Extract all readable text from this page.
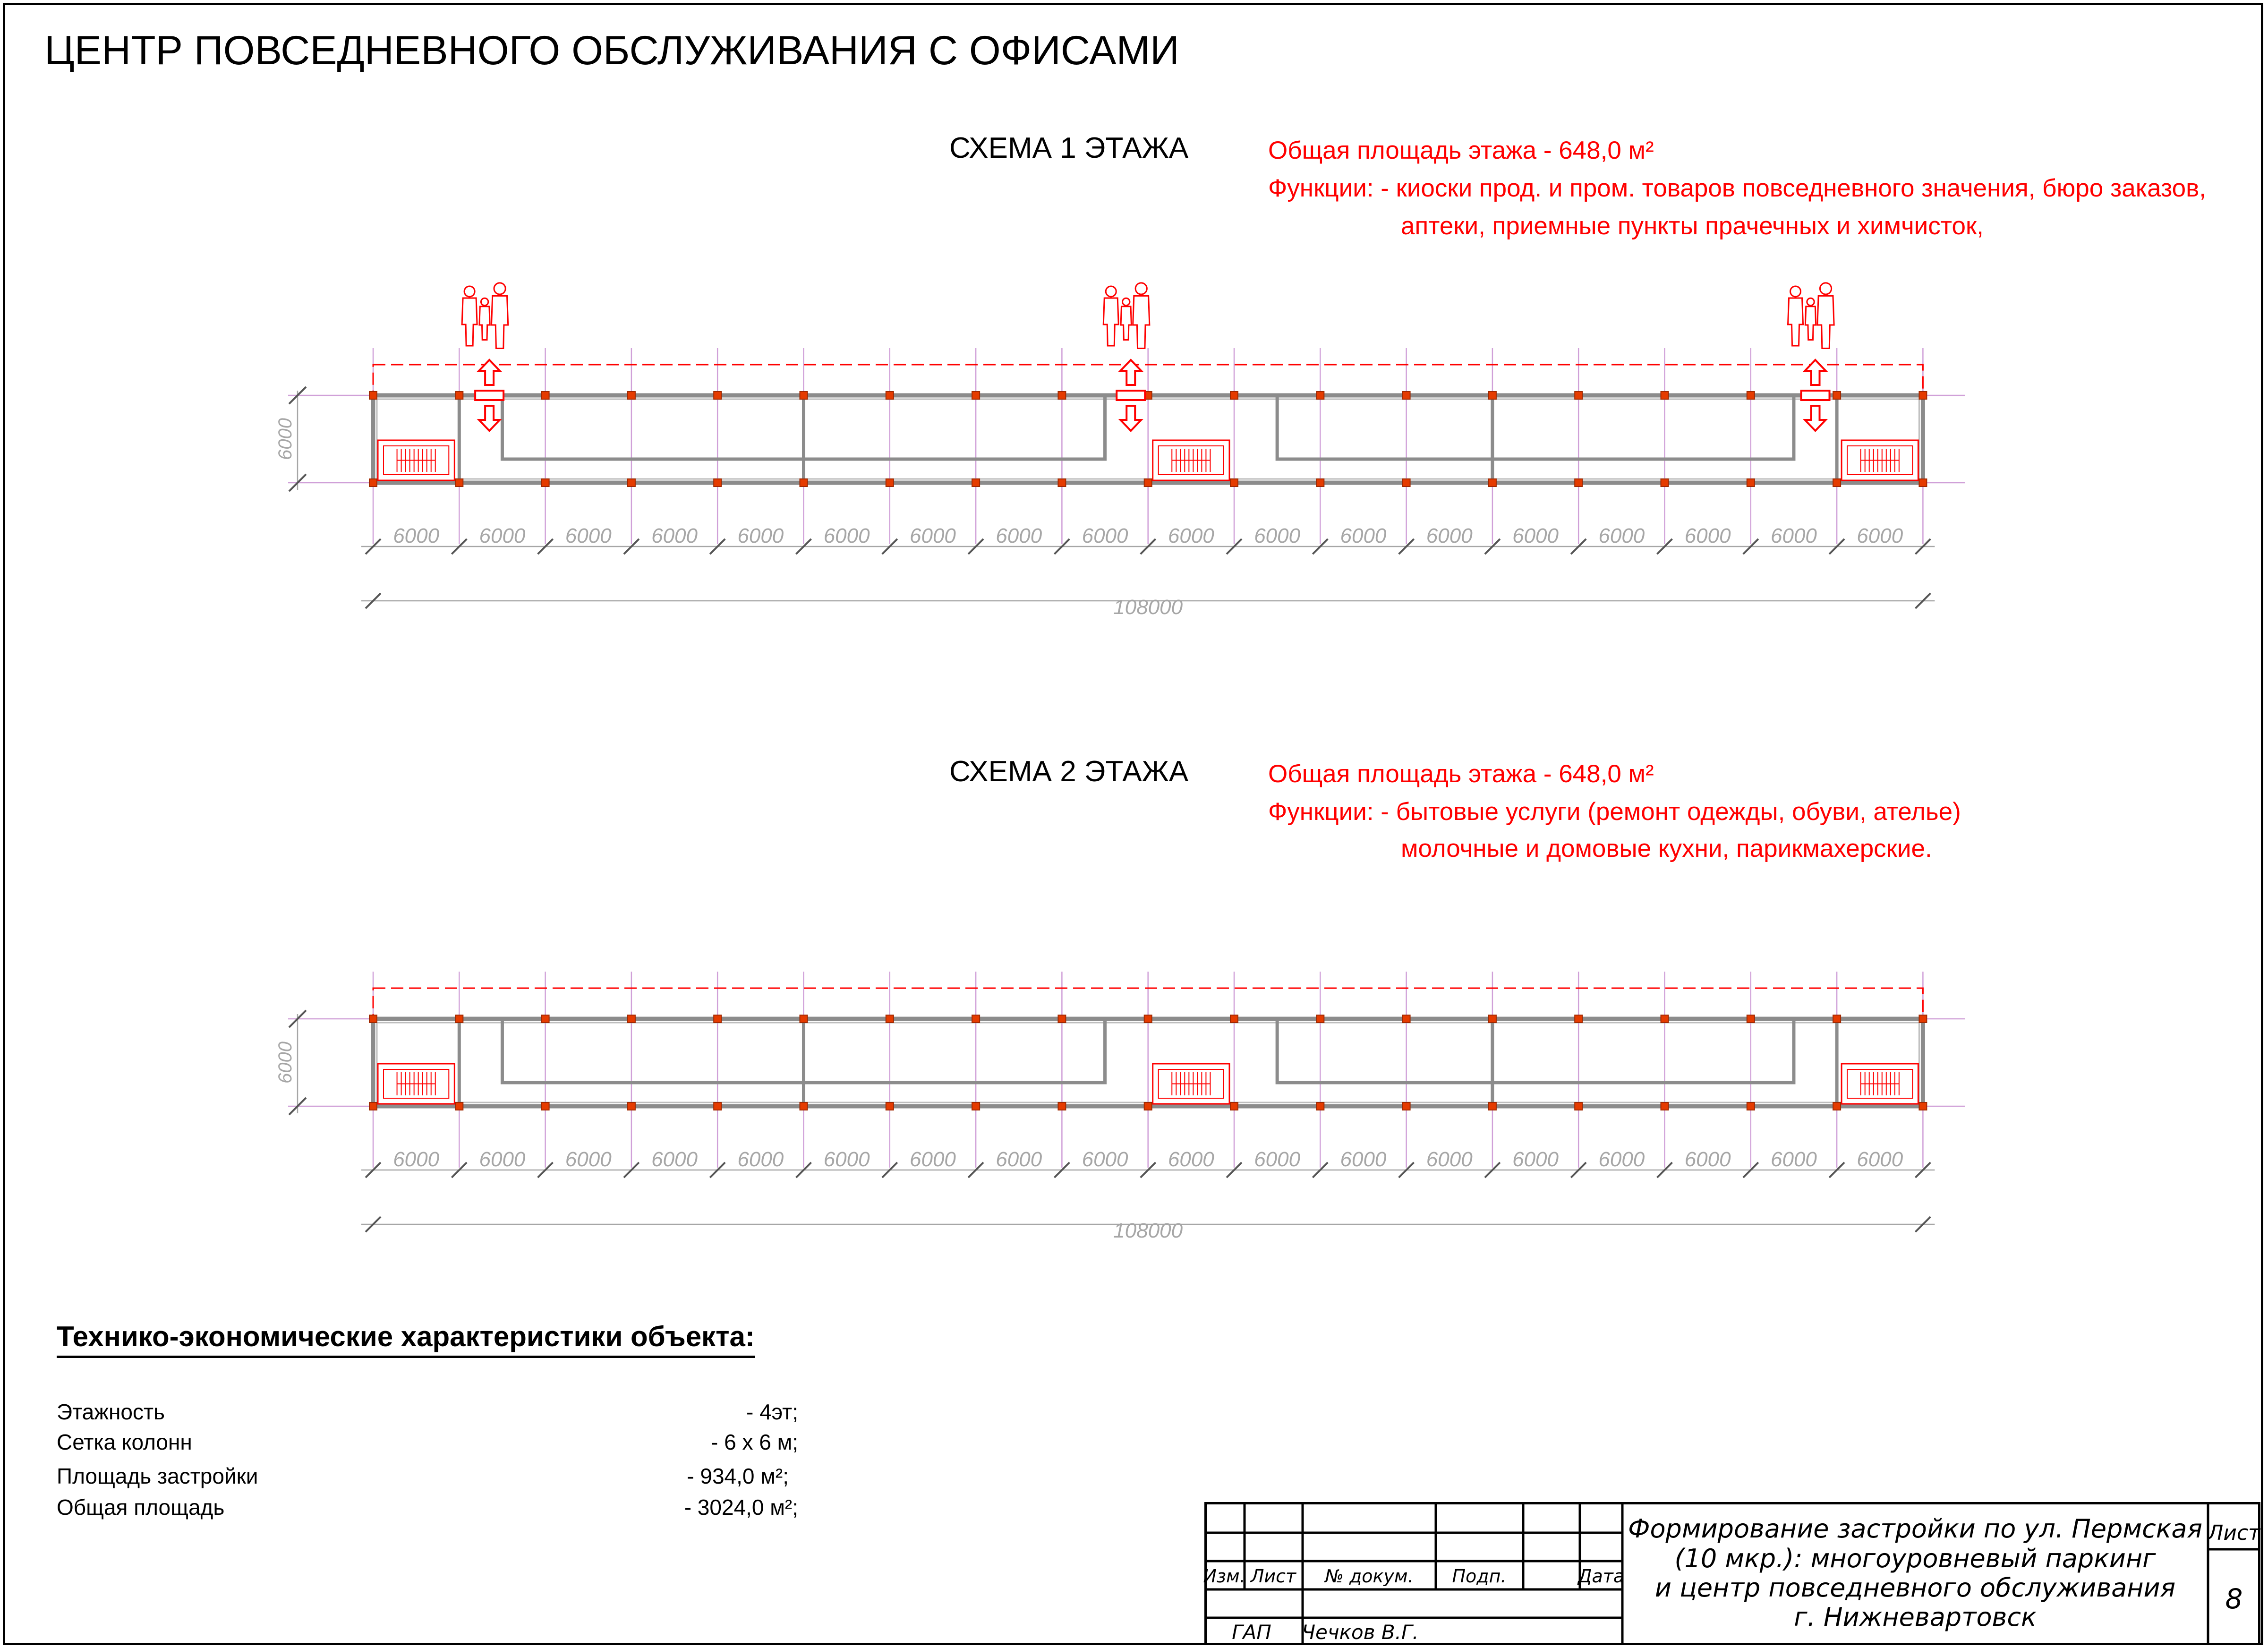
ЦЕНТР ПОВСЕДНЕВНОГО ОБСЛУЖИВАНИЯ С ОФИСАМИ
СХЕМА 1 ЭТАЖА	Общая площадь этажа - 648,0 м²
Функции: - киоски прод. и пром. товаров повседневного значения, бюро заказов,
аптеки, приемные пункты прачечных и химчисток,
СХЕМА 2 ЭТАЖА	Общая площадь этажа - 648,0 м²
Функции: - бытовые услуги (ремонт одежды, обуви, ателье)
молочные и домовые кухни, парикмахерские.
6000
6000 6000 6000 6000 6000 6000 6000 6000 6000 6000 6000 6000 6000 6000 6000 6000 6000 6000
108000
6000
6000 6000 6000 6000 6000 6000 6000 6000 6000 6000 6000 6000 6000 6000 6000 6000 6000 6000
108000
Технико-экономические характеристики объекта:
Этажность	- 4эт;
Сетка колонн	- 6 х 6 м;
Площадь застройки	- 934,0 м²;
Общая площадь	- 3024,0 м²;
Изм. Лист № докум. Подп.	Дата
ГАП Чечков В.Г.
Формирование застройки по ул. Пермская
(10 мкр.): многоуровневый паркинг
и центр повседневного обслуживания
г. Нижневартовск
Лист
8
